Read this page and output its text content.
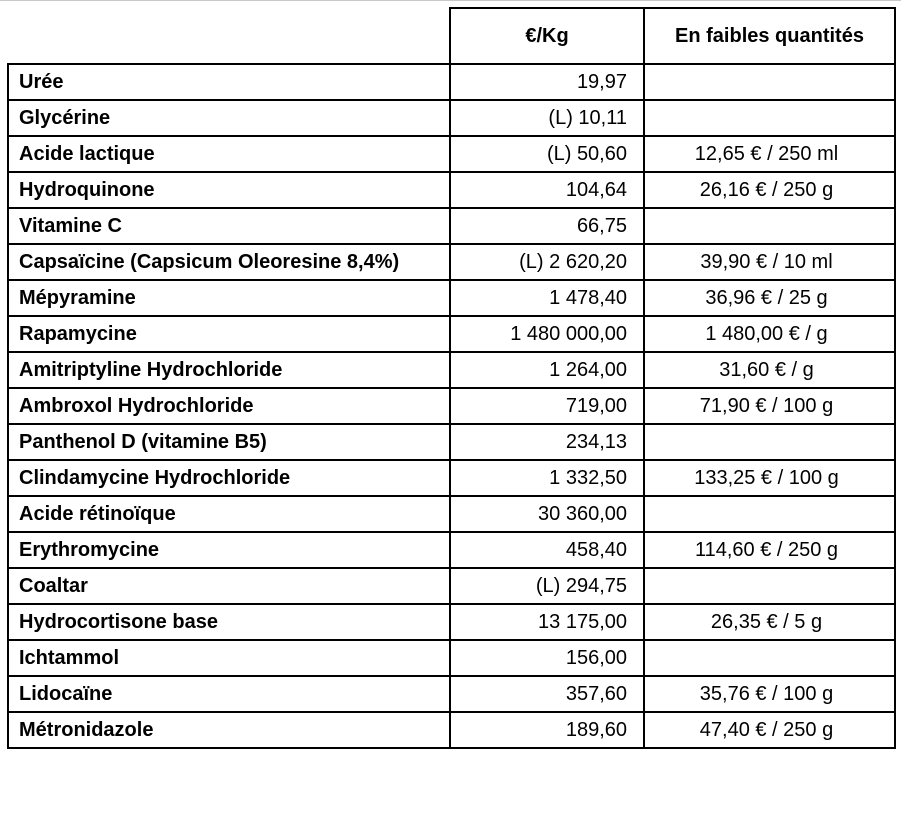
	€/Kg	En faibles quantités
Urée	19,97	
Glycérine	(L) 10,11	
Acide lactique	(L) 50,60	12,65 € / 250 ml
Hydroquinone	104,64	26,16 € / 250 g
Vitamine C	66,75	
Capsaïcine (Capsicum Oleoresine 8,4%)	(L) 2 620,20	39,90 € / 10 ml
Mépyramine	1 478,40	36,96 € / 25 g
Rapamycine	1 480 000,00	1 480,00 € / g
Amitriptyline Hydrochloride	1 264,00	31,60 € / g
Ambroxol Hydrochloride	719,00	71,90 € / 100 g
Panthenol D (vitamine B5)	234,13	
Clindamycine Hydrochloride	1 332,50	133,25 € / 100 g
Acide rétinoïque	30 360,00	
Erythromycine	458,40	114,60 € / 250 g
Coaltar	(L) 294,75	
Hydrocortisone base	13 175,00	26,35 € / 5 g
Ichtammol	156,00	
Lidocaïne	357,60	35,76 € / 100 g
Métronidazole	189,60	47,40 € / 250 g
